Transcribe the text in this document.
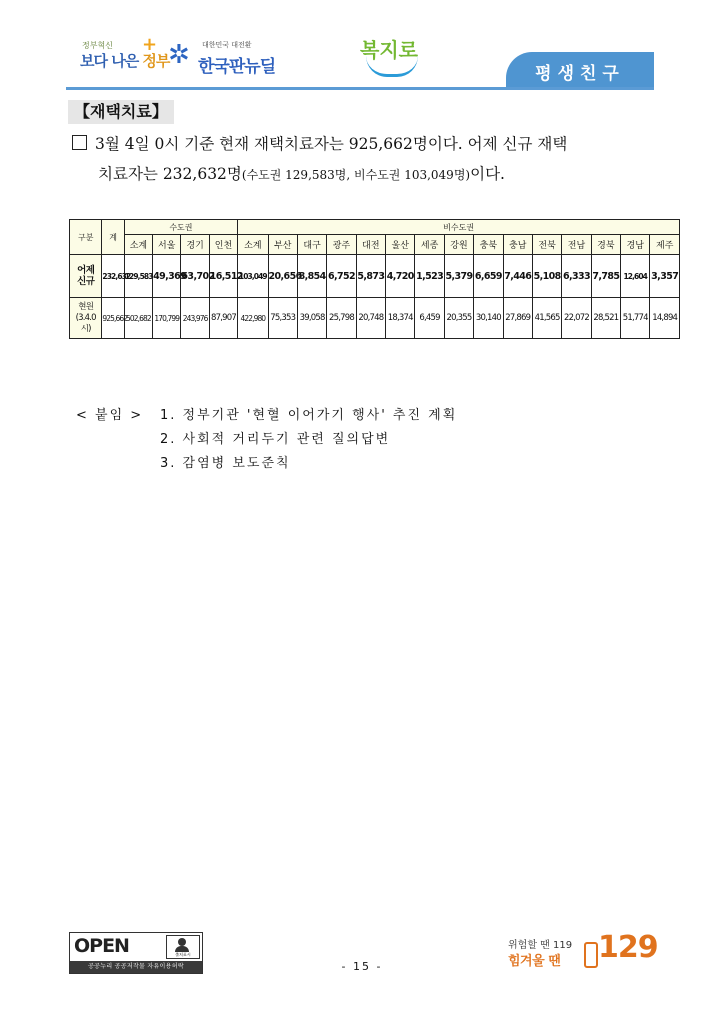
정부혁신
보다 나은 정부
+ ✲ 대한민국 대전환
한국판뉴딜
복지로
평생친구
【재택치료】
3월 4일 0시 기준 현재 재택치료자는 925,662명이다. 어제 신규 재택
치료자는 232,632명(수도권 129,583명, 비수도권 103,049명)이다.
구분	계	수도권				비수도권														
		소계	서울	경기	인천	소계	부산	대구	광주	대전	울산	세종	강원	충북	충남	전북	전남	경북	경남	제주
어제
신규	232,632	129,583	49,369	63,702	16,512	103,049	20,656	8,854	6,752	5,873	4,720	1,523	5,379	6,659	7,446	5,108	6,333	7,785	12,604	3,357
현원
(3.4.0
시)	925,662	502,682	170,799	243,976	87,907	422,980	75,353	39,058	25,798	20,748	18,374	6,459	20,355	30,140	27,869	41,565	22,072	28,521	51,774	14,894
< 붙임 > 1. 정부기관 '현혈 이어가기 행사' 추진 계획
2. 사회적 거리두기 관련 질의답변
3. 감염병 보도준칙
OPEN	출처표시
공공누리 공공저작물 자유이용허락	- 15 -
위험할 땐 119
힘겨울 땐 129
